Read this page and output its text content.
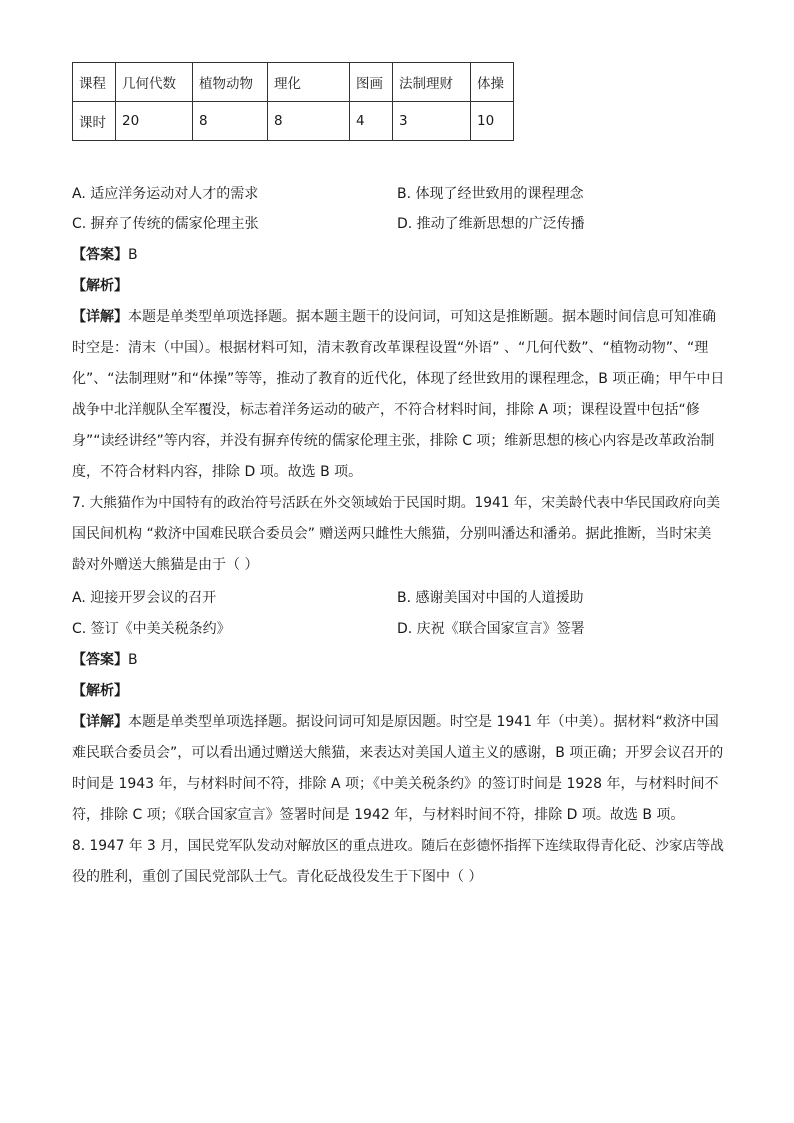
课程	几何代数	植物动物	理化	图画	法制理财	体操
课时	20	8	8	4	3	10
A. 适应洋务运动对人才的需求	B. 体现了经世致用的课程理念
C. 摒弃了传统的儒家伦理主张	D. 推动了维新思想的广泛传播
【答案】B
【解析】
【详解】本题是单类型单项选择题。据本题主题干的设问词，可知这是推断题。据本题时间信息可知准确
时空是：清末（中国）。根据材料可知，清末教育改革课程设置“外语” 、“几何代数”、“植物动物”、“理
化”、“法制理财”和“体操”等等，推动了教育的近代化，体现了经世致用的课程理念，B 项正确；甲午中日
战争中北洋舰队全军覆没，标志着洋务运动的破产，不符合材料时间，排除 A 项；课程设置中包括“修
身”“读经讲经”等内容，并没有摒弃传统的儒家伦理主张，排除 C 项；维新思想的核心内容是改革政治制
度，不符合材料内容，排除 D 项。故选 B 项。
7. 大熊猫作为中国特有的政治符号活跃在外交领域始于民国时期。1941 年，宋美龄代表中华民国政府向美
国民间机构 “救济中国难民联合委员会” 赠送两只雌性大熊猫，分别叫潘达和潘弟。据此推断，当时宋美
龄对外赠送大熊猫是由于（ ）
A. 迎接开罗会议的召开	B. 感谢美国对中国的人道援助
C. 签订《中美关税条约》	D. 庆祝《联合国家宣言》签署
【答案】B
【解析】
【详解】本题是单类型单项选择题。据设问词可知是原因题。时空是 1941 年（中美）。据材料“救济中国
难民联合委员会”，可以看出通过赠送大熊猫，来表达对美国人道主义的感谢，B 项正确；开罗会议召开的
时间是 1943 年，与材料时间不符，排除 A 项；《中美关税条约》的签订时间是 1928 年，与材料时间不
符，排除 C 项；《联合国家宣言》签署时间是 1942 年，与材料时间不符，排除 D 项。故选 B 项。
8. 1947 年 3 月，国民党军队发动对解放区的重点进攻。随后在彭德怀指挥下连续取得青化砭、沙家店等战
役的胜利，重创了国民党部队士气。青化砭战役发生于下图中（ ）
